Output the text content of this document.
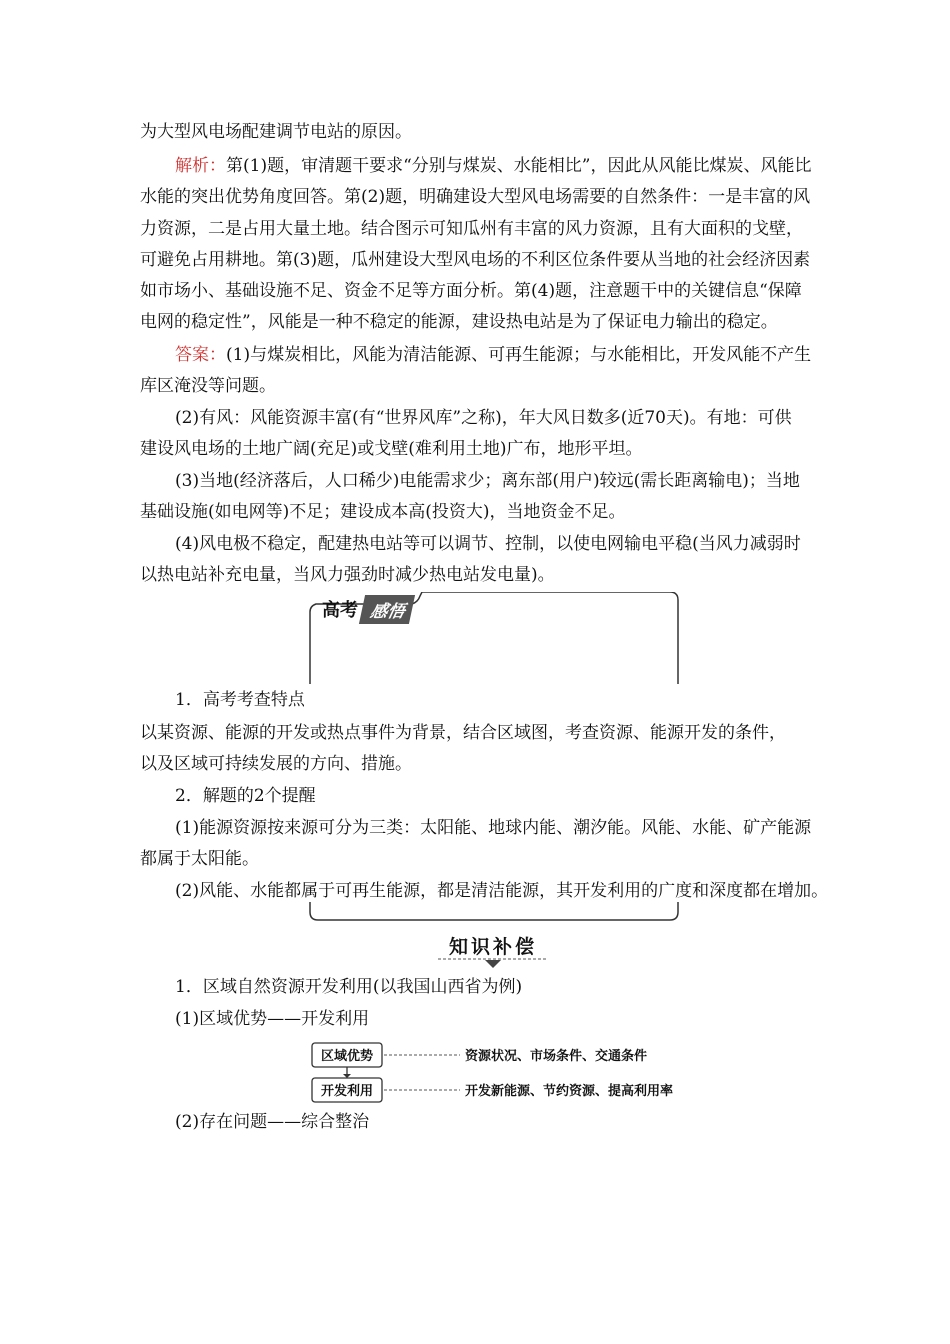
为大型风电场配建调节电站的原因。
解析：第(1)题，审清题干要求“分别与煤炭、水能相比”，因此从风能比煤炭、风能比
水能的突出优势角度回答。第(2)题，明确建设大型风电场需要的自然条件：一是丰富的风
力资源，二是占用大量土地。结合图示可知瓜州有丰富的风力资源，且有大面积的戈壁，
可避免占用耕地。第(3)题，瓜州建设大型风电场的不利区位条件要从当地的社会经济因素
如市场小、基础设施不足、资金不足等方面分析。第(4)题，注意题干中的关键信息“保障
电网的稳定性”，风能是一种不稳定的能源，建设热电站是为了保证电力输出的稳定。
答案：(1)与煤炭相比，风能为清洁能源、可再生能源；与水能相比，开发风能不产生
库区淹没等问题。
(2)有风：风能资源丰富(有“世界风库”之称)，年大风日数多(近70天)。有地：可供
建设风电场的土地广阔(充足)或戈壁(难利用土地)广布，地形平坦。
(3)当地(经济落后，人口稀少)电能需求少；离东部(用户)较远(需长距离输电)；当地
基础设施(如电网等)不足；建设成本高(投资大)，当地资金不足。
(4)风电极不稳定，配建热电站等可以调节、控制，以使电网输电平稳(当风力减弱时
以热电站补充电量，当风力强劲时减少热电站发电量)。
高考 感悟
1．高考考查特点
以某资源、能源的开发或热点事件为背景，结合区域图，考查资源、能源开发的条件，
以及区域可持续发展的方向、措施。
2．解题的2个提醒
(1)能源资源按来源可分为三类：太阳能、地球内能、潮汐能。风能、水能、矿产能源
都属于太阳能。
(2)风能、水能都属于可再生能源，都是清洁能源，其开发利用的广度和深度都在增加。
知识补偿
1．区域自然资源开发利用(以我国山西省为例)
(1)区域优势——开发利用
区域优势
开发利用
资源状况、市场条件、交通条件
开发新能源、节约资源、提高利用率
(2)存在问题——综合整治
